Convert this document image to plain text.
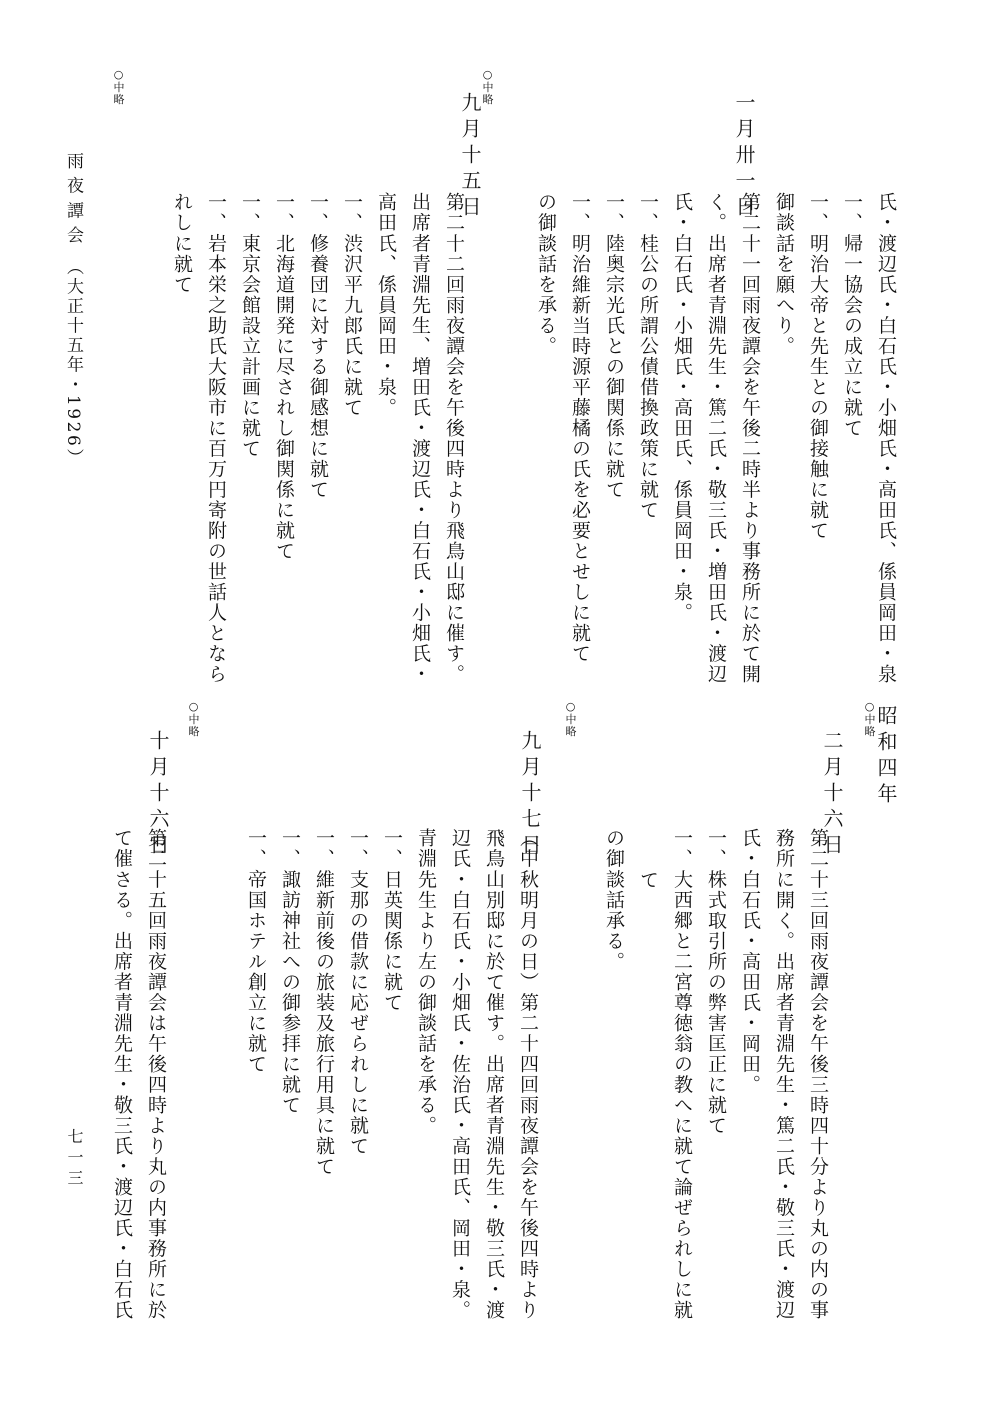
氏・渡辺氏・白石氏・小畑氏・高田氏、係員岡田・泉
一、帰一協会の成立に就て
一、明治大帝と先生との御接触に就て
御談話を願へり。
一月卅一日
第二十一回雨夜譚会を午後二時半より事務所に於て開
く。出席者青淵先生・篤二氏・敬三氏・増田氏・渡辺
氏・白石氏・小畑氏・高田氏、係員岡田・泉。
一、桂公の所謂公債借換政策に就て
一、陸奥宗光氏との御関係に就て
一、明治維新当時源平藤橘の氏を必要とせしに就て
の御談話を承る。
○中略
九月十五日
第二十二回雨夜譚会を午後四時より飛鳥山邸に催す。
出席者青淵先生、増田氏・渡辺氏・白石氏・小畑氏・
高田氏、係員岡田・泉。
一、渋沢平九郎氏に就て
一、修養団に対する御感想に就て
一、北海道開発に尽されし御関係に就て
一、東京会館設立計画に就て
一、岩本栄之助氏大阪市に百万円寄附の世話人となら
れしに就て
○中略
雨夜譚会
（大正十五年・1926）
昭和四年
○中略
二月十六日
第二十三回雨夜譚会を午後三時四十分より丸の内の事
務所に開く。出席者青淵先生・篤二氏・敬三氏・渡辺
氏・白石氏・高田氏・岡田。
一、株式取引所の弊害匡正に就て
一、大西郷と二宮尊徳翁の教へに就て論ぜられしに就
て
の御談話承る。
○中略
九月十七日
（中秋明月の日）第二十四回雨夜譚会を午後四時より
飛鳥山別邸に於て催す。出席者青淵先生・敬三氏・渡
辺氏・白石氏・小畑氏・佐治氏・高田氏、岡田・泉。
青淵先生より左の御談話を承る。
一、日英関係に就て
一、支那の借款に応ぜられしに就て
一、維新前後の旅装及旅行用具に就て
一、諏訪神社への御参拝に就て
一、帝国ホテル創立に就て
○中略
十月十六日
第二十五回雨夜譚会は午後四時より丸の内事務所に於
て催さる。出席者青淵先生・敬三氏・渡辺氏・白石氏
七一三
